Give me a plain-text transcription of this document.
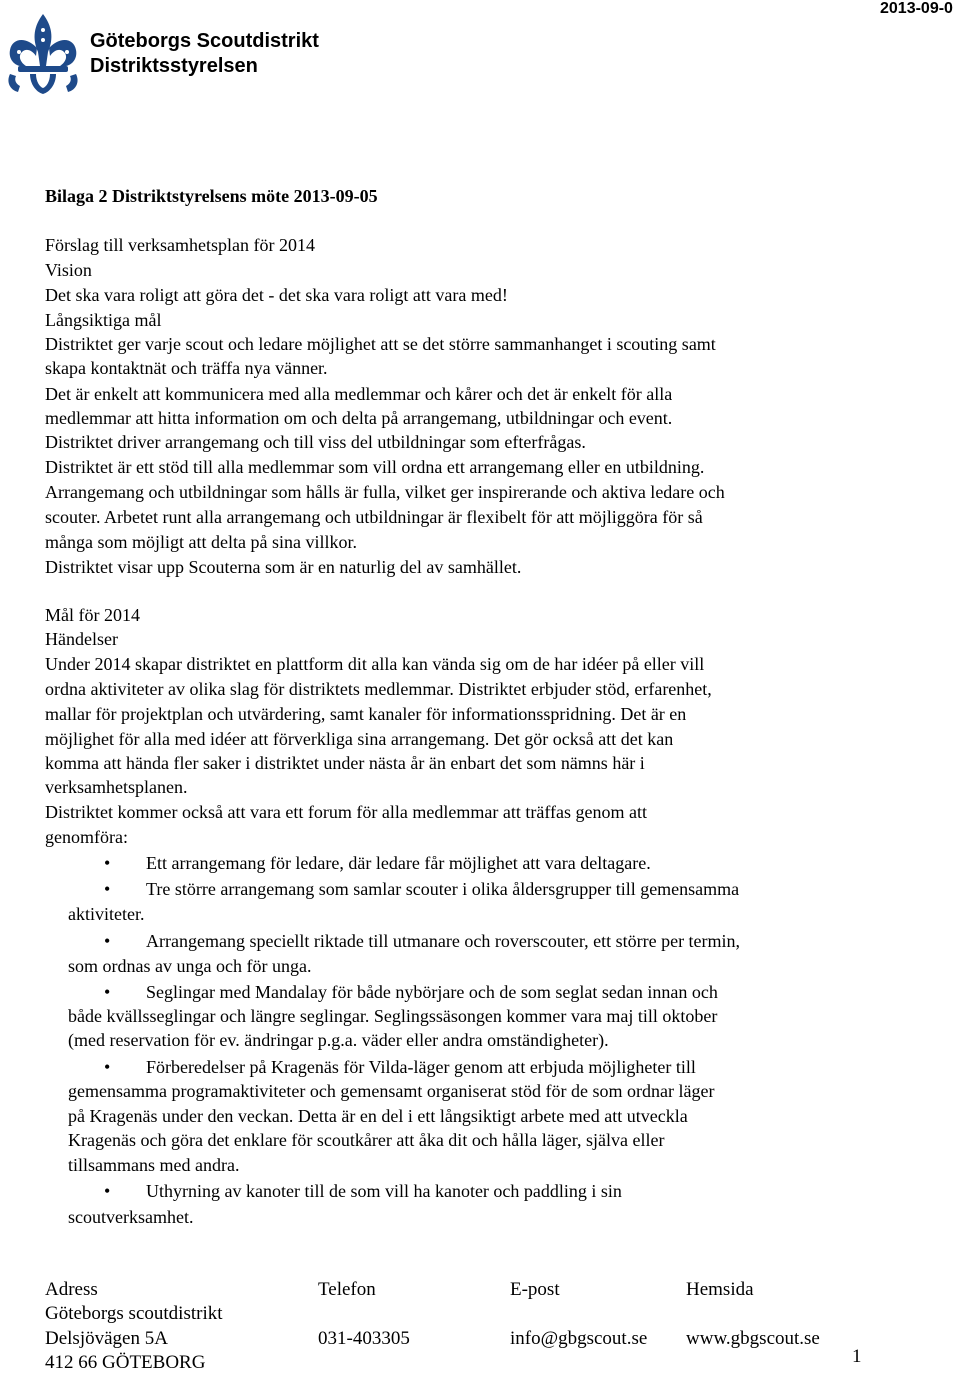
Göteborgs Scoutdistrikt
Distriktsstyrelsen
2013-09-0
Bilaga 2 Distriktstyrelsens möte 2013-09-05
Förslag till verksamhetsplan för 2014
Vision
Det ska vara roligt att göra det - det ska vara roligt att vara med!
Långsiktiga mål
Distriktet ger varje scout och ledare möjlighet att se det större sammanhanget i scouting samt
skapa kontaktnät och träffa nya vänner.
Det är enkelt att kommunicera med alla medlemmar och kårer och det är enkelt för alla
medlemmar att hitta information om och delta på arrangemang, utbildningar och event.
Distriktet driver arrangemang och till viss del utbildningar som efterfrågas.
Distriktet är ett stöd till alla medlemmar som vill ordna ett arrangemang eller en utbildning.
Arrangemang och utbildningar som hålls är fulla, vilket ger inspirerande och aktiva ledare och
scouter. Arbetet runt alla arrangemang och utbildningar är flexibelt för att möjliggöra för så
många som möjligt att delta på sina villkor.
Distriktet visar upp Scouterna som är en naturlig del av samhället.
Mål för 2014
Händelser
Under 2014 skapar distriktet en plattform dit alla kan vända sig om de har idéer på eller vill
ordna aktiviteter av olika slag för distriktets medlemmar. Distriktet erbjuder stöd, erfarenhet,
mallar för projektplan och utvärdering, samt kanaler för informationsspridning. Det är en
möjlighet för alla med idéer att förverkliga sina arrangemang. Det gör också att det kan
komma att hända fler saker i distriktet under nästa år än enbart det som nämns här i
verksamhetsplanen.
Distriktet kommer också att vara ett forum för alla medlemmar att träffas genom att
genomföra:
• Ett arrangemang för ledare, där ledare får möjlighet att vara deltagare.
• Tre större arrangemang som samlar scouter i olika åldersgrupper till gemensamma
aktiviteter.
• Arrangemang speciellt riktade till utmanare och roverscouter, ett större per termin,
som ordnas av unga och för unga.
• Seglingar med Mandalay för både nybörjare och de som seglat sedan innan och
både kvällsseglingar och längre seglingar. Seglingssäsongen kommer vara maj till oktober
(med reservation för ev. ändringar p.g.a. väder eller andra omständigheter).
• Förberedelser på Kragenäs för Vilda-läger genom att erbjuda möjligheter till
gemensamma programaktiviteter och gemensamt organiserat stöd för de som ordnar läger
på Kragenäs under den veckan. Detta är en del i ett långsiktigt arbete med att utveckla
Kragenäs och göra det enklare för scoutkårer att åka dit och hålla läger, själva eller
tillsammans med andra.
• Uthyrning av kanoter till de som vill ha kanoter och paddling i sin
scoutverksamhet.
Adress
Göteborgs scoutdistrikt
Delsjövägen 5A
412 66 GÖTEBORG
Telefon
031-403305
E-post
info@gbgscout.se
Hemsida
www.gbgscout.se
1
